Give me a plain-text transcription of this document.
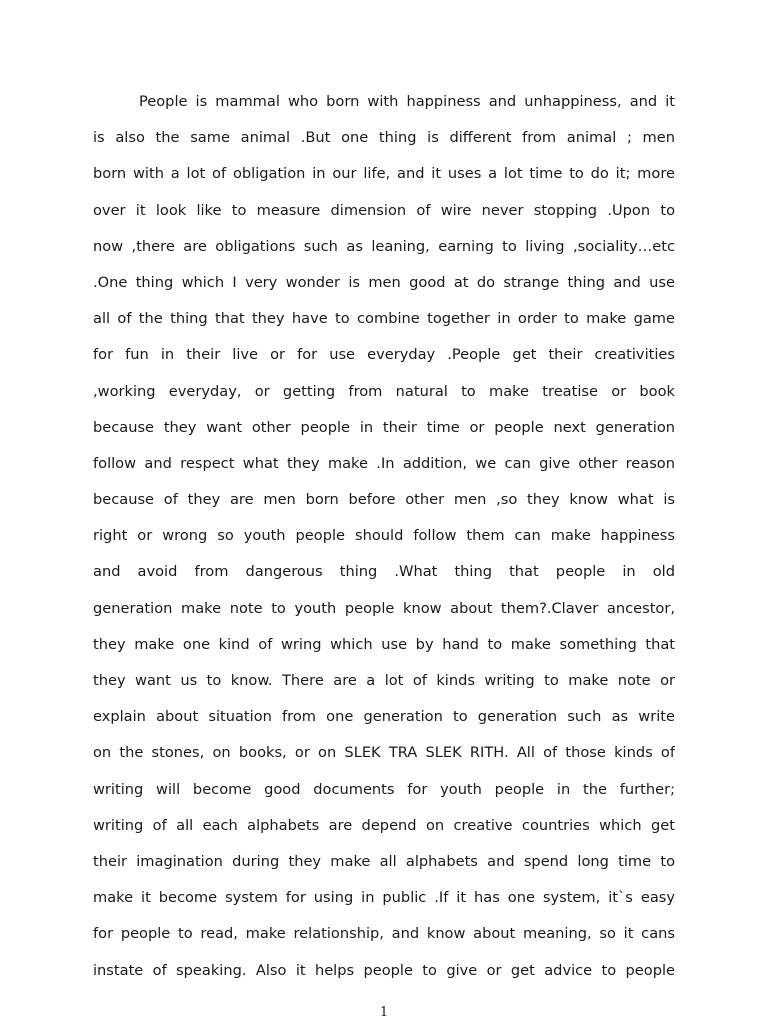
People is mammal who born with happiness and unhappiness, and it
is also the same animal .But one thing is different from animal ; men
born with a lot of obligation in our life, and it uses a lot time to do it; more
over it look like to measure dimension of wire never stopping .Upon to
now ,there are obligations such as leaning, earning to living ,sociality…etc
.One thing which I very wonder is men good at do strange thing and use
all of the thing that they have to combine together in order to make game
for fun in their live or for use everyday .People get their creativities
,working everyday, or getting from natural to make treatise or book
because they want other people in their time or people next generation
follow and respect what they make .In addition, we can give other reason
because of they are men born before other men ,so they know what is
right or wrong so youth people should follow them can make happiness
and avoid from dangerous thing .What thing that people in old
generation make note to youth people know about them?.Claver ancestor,
they make one kind of wring which use by hand to make something that
they want us to know. There are a lot of kinds writing to make note or
explain about situation from one generation to generation such as write
on the stones, on books, or on SLEK TRA SLEK RITH. All of those kinds of
writing will become good documents for youth people in the further;
writing of all each alphabets are depend on creative countries which get
their imagination during they make all alphabets and spend long time to
make it become system for using in public .If it has one system, it`s easy
for people to read, make relationship, and know about meaning, so it cans
instate of speaking. Also it helps people to give or get advice to people
1
